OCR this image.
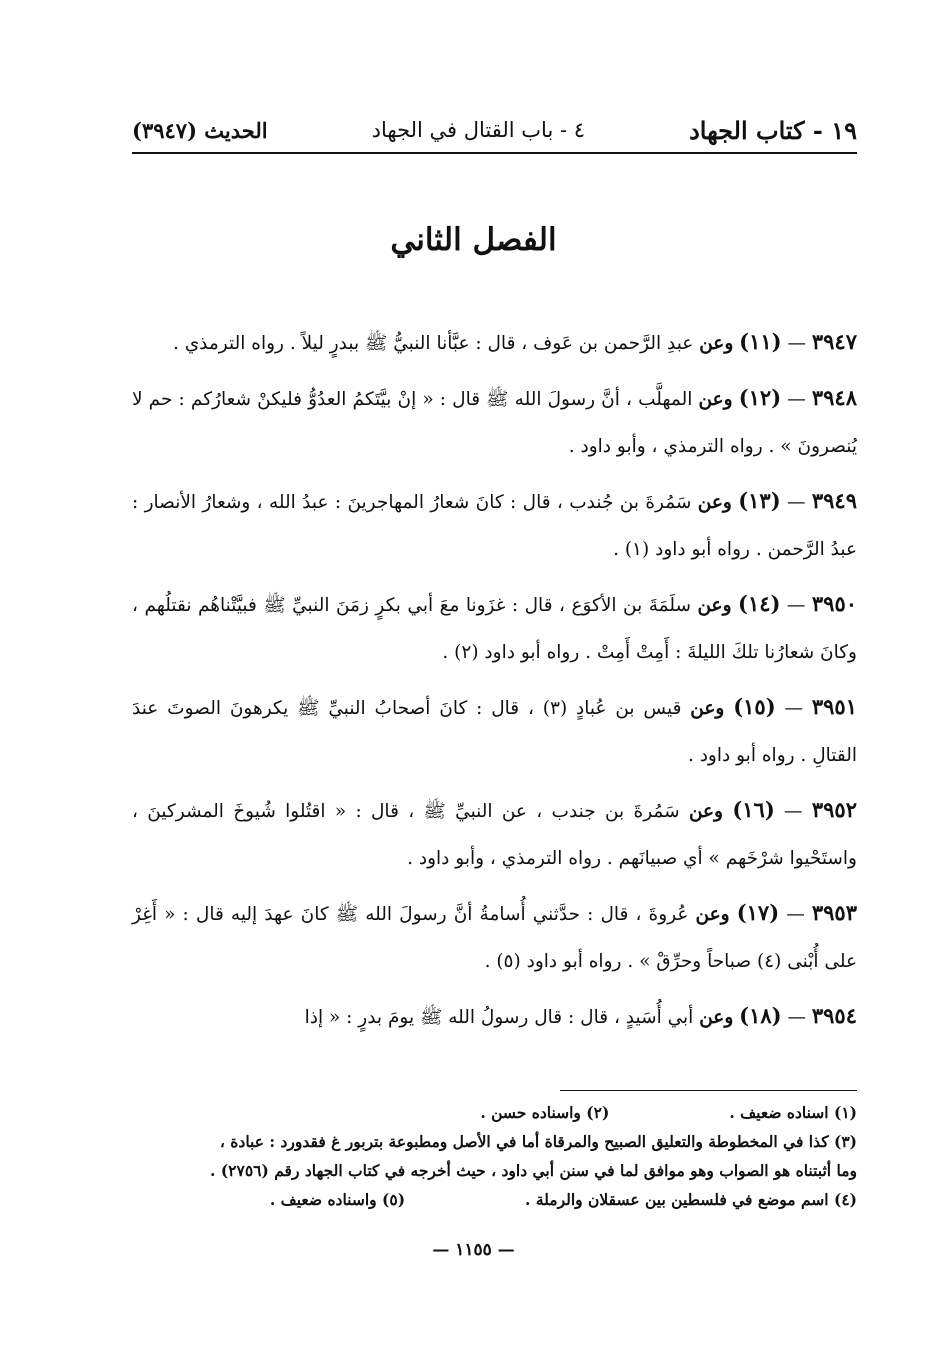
١٩ - كتاب الجهاد
٤ - باب القتال في الجهاد
الحديث (٣٩٤٧)
الفصل الثاني

٣٩٤٧ — (١١) وعن عبدِ الرَّحمن بن عَوف ، قال : عبَّأنا النبيُّ ﷺ ببدرٍ ليلاً . رواه الترمذي .

٣٩٤٨ — (١٢) وعن المهلَّب ، أنَّ رسولَ الله ﷺ قال : « إنْ بيَّتَكمُ العدُوُّ فليكنْ شعارُكم : حم لا يُنصرونَ » . رواه الترمذي ، وأبو داود .

٣٩٤٩ — (١٣) وعن سَمُرةَ بن جُندب ، قال : كانَ شعارُ المهاجرينَ : عبدُ الله ، وشعارُ الأنصار : عبدُ الرَّحمن . رواه أبو داود (١) .

٣٩٥٠ — (١٤) وعن سلَمَةَ بن الأكوَع ، قال : غزَونا معَ أبي بكرٍ زمَنَ النبيِّ ﷺ فبيَّتْناهُم نقتلُهم ، وكانَ شعارُنا تلكَ الليلةَ : أَمِتْ أَمِتْ . رواه أبو داود (٢) .

٣٩٥١ — (١٥) وعن قيس بن عُبادٍ (٣) ، قال : كانَ أصحابُ النبيِّ ﷺ يكرهونَ الصوتَ عندَ القتالِ . رواه أبو داود .

٣٩٥٢ — (١٦) وعن سَمُرةَ بن جندب ، عن النبيِّ ﷺ ، قال : « اقتُلوا شُيوخَ المشركينَ ، واستَحْيوا شرْخَهم » أي صبيانَهم . رواه الترمذي ، وأبو داود .

٣٩٥٣ — (١٧) وعن عُروةَ ، قال : حدَّثني أُسامةُ أنَّ رسولَ الله ﷺ كانَ عهدَ إليه قال : « أَغِرْ على أُبْنى (٤) صباحاً وحرِّقْ » . رواه أبو داود (٥) .

٣٩٥٤ — (١٨) وعن أبي أُسَيدٍ ، قال : قال رسولُ الله ﷺ يومَ بدرٍ : « إذا

(١) اسناده ضعيف .
(٢) واسناده حسن .
(٣) كذا في المخطوطة والتعليق الصبيح والمرقاة أما في الأصل ومطبوعة بتربور غ فقدورد : عبادة ،
وما أثبتناه هو الصواب وهو موافق لما في سنن أبي داود ، حيث أخرجه في كتاب الجهاد رقم (٢٧٥٦) .
(٤) اسم موضع في فلسطين بين عسقلان والرملة .
(٥) واسناده ضعيف .
— ١١٥٥ —
